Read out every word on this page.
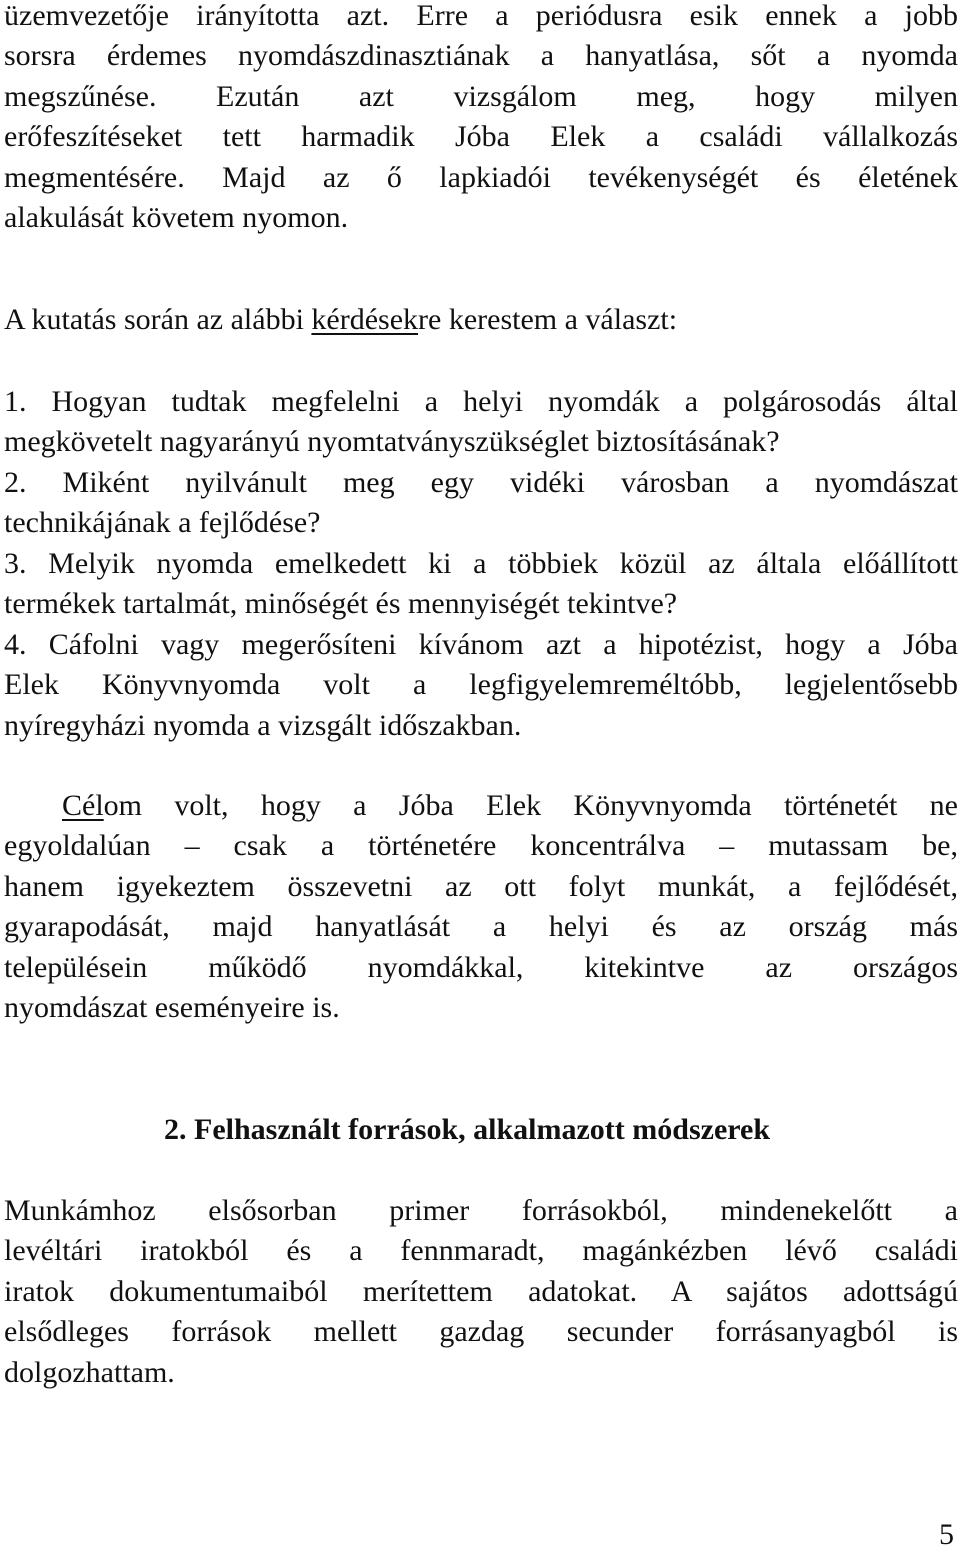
üzemvezetője irányította azt. Erre a periódusra esik ennek a jobb
sorsra érdemes nyomdászdinasztiának a hanyatlása, sőt a nyomda
megszűnése. Ezután azt vizsgálom meg, hogy milyen
erőfeszítéseket tett harmadik Jóba Elek a családi vállalkozás
megmentésére. Majd az ő lapkiadói tevékenységét és életének
alakulását követem nyomon.
A kutatás során az alábbi kérdésekre kerestem a választ:
1. Hogyan tudtak megfelelni a helyi nyomdák a polgárosodás által
megkövetelt nagyarányú nyomtatványszükséglet biztosításának?
2. Miként nyilvánult meg egy vidéki városban a nyomdászat
technikájának a fejlődése?
3. Melyik nyomda emelkedett ki a többiek közül az általa előállított
termékek tartalmát, minőségét és mennyiségét tekintve?
4. Cáfolni vagy megerősíteni kívánom azt a hipotézist, hogy a Jóba
Elek Könyvnyomda volt a legfigyelemreméltóbb, legjelentősebb
nyíregyházi nyomda a vizsgált időszakban.
Célom volt, hogy a Jóba Elek Könyvnyomda történetét ne
egyoldalúan – csak a történetére koncentrálva – mutassam be,
hanem igyekeztem összevetni az ott folyt munkát, a fejlődését,
gyarapodását, majd hanyatlását a helyi és az ország más
településein működő nyomdákkal, kitekintve az országos
nyomdászat eseményeire is.
2. Felhasznált források, alkalmazott módszerek
Munkámhoz elsősorban primer forrásokból, mindenekelőtt a
levéltári iratokból és a fennmaradt, magánkézben lévő családi
iratok dokumentumaiból merítettem adatokat. A sajátos adottságú
elsődleges források mellett gazdag secunder forrásanyagból is
dolgozhattam.
5
